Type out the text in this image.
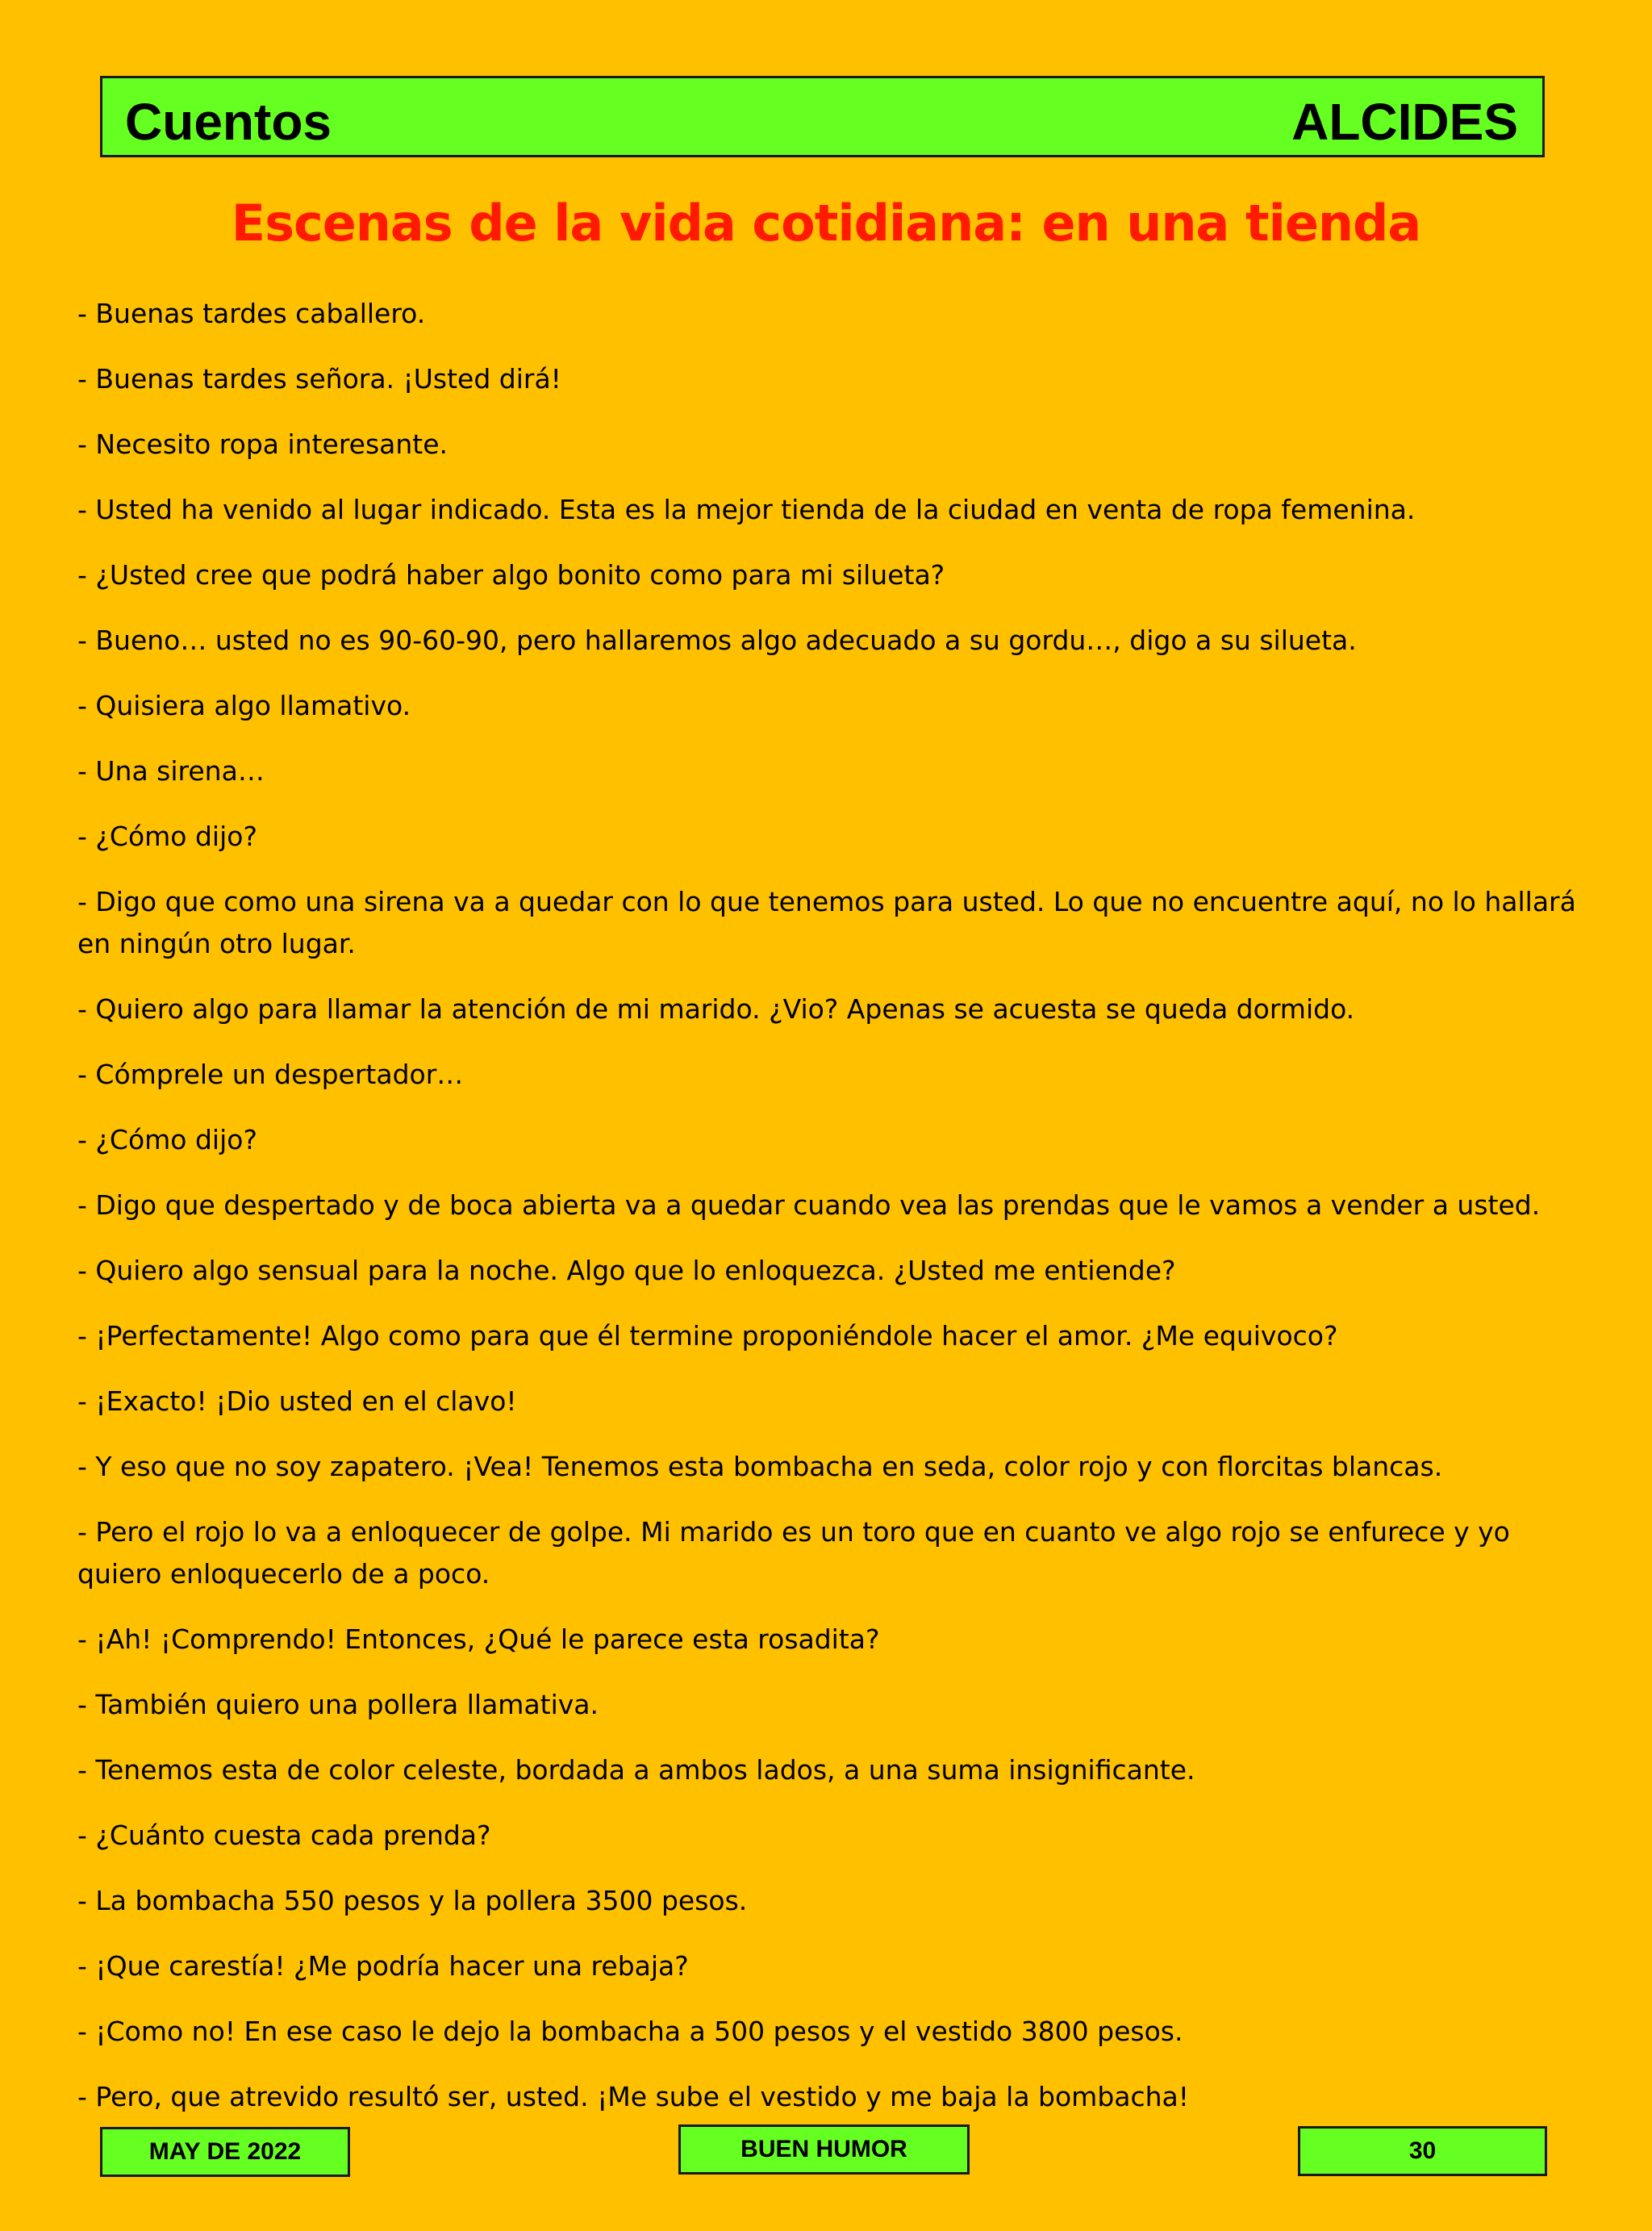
Cuentos	ALCIDES
Escenas de la vida cotidiana: en una tienda

- Buenas tardes caballero.

- Buenas tardes señora. ¡Usted dirá!

- Necesito ropa interesante.

- Usted ha venido al lugar indicado. Esta es la mejor tienda de la ciudad en venta de ropa femenina.

- ¿Usted cree que podrá haber algo bonito como para mi silueta?

- Bueno… usted no es 90-60-90, pero hallaremos algo adecuado a su gordu…, digo a su silueta.

- Quisiera algo llamativo.

- Una sirena…

- ¿Cómo dijo?

- Digo que como una sirena va a quedar con lo que tenemos para usted. Lo que no encuentre aquí, no lo hallará en ningún otro lugar.

- Quiero algo para llamar la atención de mi marido. ¿Vio? Apenas se acuesta se queda dormido.

- Cómprele un despertador…

- ¿Cómo dijo?

- Digo que despertado y de boca abierta va a quedar cuando vea las prendas que le vamos a vender a usted.

- Quiero algo sensual para la noche. Algo que lo enloquezca. ¿Usted me entiende?

- ¡Perfectamente! Algo como para que él termine proponiéndole hacer el amor. ¿Me equivoco?

- ¡Exacto! ¡Dio usted en el clavo!

- Y eso que no soy zapatero. ¡Vea! Tenemos esta bombacha en seda, color rojo y con florcitas blancas.

- Pero el rojo lo va a enloquecer de golpe. Mi marido es un toro que en cuanto ve algo rojo se enfurece y yo quiero enloquecerlo de a poco.

- ¡Ah! ¡Comprendo! Entonces, ¿Qué le parece esta rosadita?

- También quiero una pollera llamativa.

- Tenemos esta de color celeste, bordada a ambos lados, a una suma insignificante.

- ¿Cuánto cuesta cada prenda?

- La bombacha 550 pesos y la pollera 3500 pesos.

- ¡Que carestía! ¿Me podría hacer una rebaja?

- ¡Como no! En ese caso le dejo la bombacha a 500 pesos y el vestido 3800 pesos.

- Pero, que atrevido resultó ser, usted. ¡Me sube el vestido y me baja la bombacha!

MAY DE 2022	BUEN HUMOR	30
